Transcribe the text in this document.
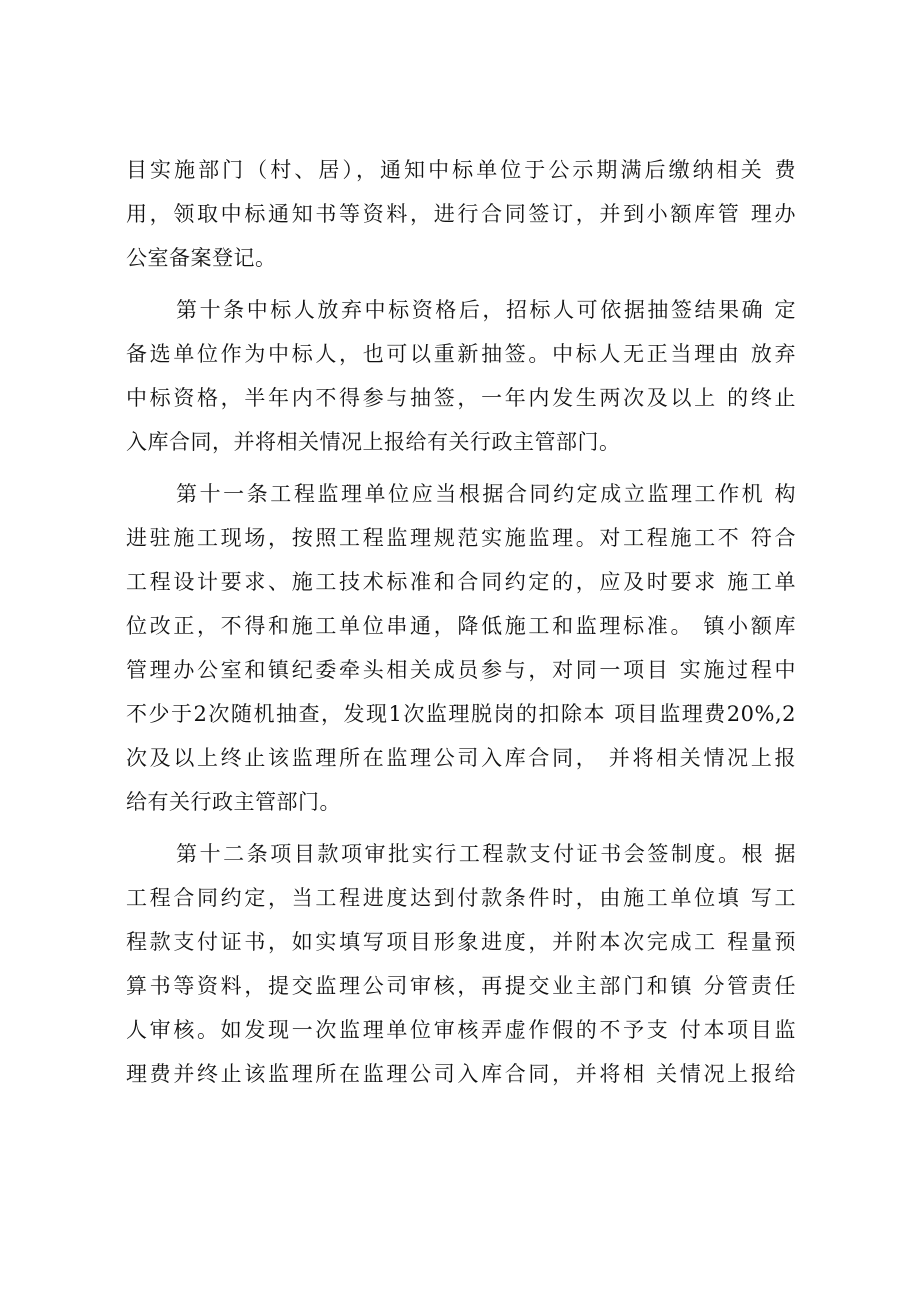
目实施部门（村、居），通知中标单位于公示期满后缴纳相关 费
用，领取中标通知书等资料，进行合同签订，并到小额库管 理办
公室备案登记。
第十条中标人放弃中标资格后，招标人可依据抽签结果确 定
备选单位作为中标人，也可以重新抽签。中标人无正当理由 放弃
中标资格，半年内不得参与抽签，一年内发生两次及以上 的终止
入库合同，并将相关情况上报给有关行政主管部门。
第十一条工程监理单位应当根据合同约定成立监理工作机 构
进驻施工现场，按照工程监理规范实施监理。对工程施工不 符合
工程设计要求、施工技术标准和合同约定的，应及时要求 施工单
位改正，不得和施工单位串通，降低施工和监理标准。 镇小额库
管理办公室和镇纪委牵头相关成员参与，对同一项目 实施过程中
不少于2次随机抽查，发现1次监理脱岗的扣除本 项目监理费20%,2
次及以上终止该监理所在监理公司入库合同， 并将相关情况上报
给有关行政主管部门。
第十二条项目款项审批实行工程款支付证书会签制度。根 据
工程合同约定，当工程进度达到付款条件时，由施工单位填 写工
程款支付证书，如实填写项目形象进度，并附本次完成工 程量预
算书等资料，提交监理公司审核，再提交业主部门和镇 分管责任
人审核。如发现一次监理单位审核弄虚作假的不予支 付本项目监
理费并终止该监理所在监理公司入库合同，并将相 关情况上报给
